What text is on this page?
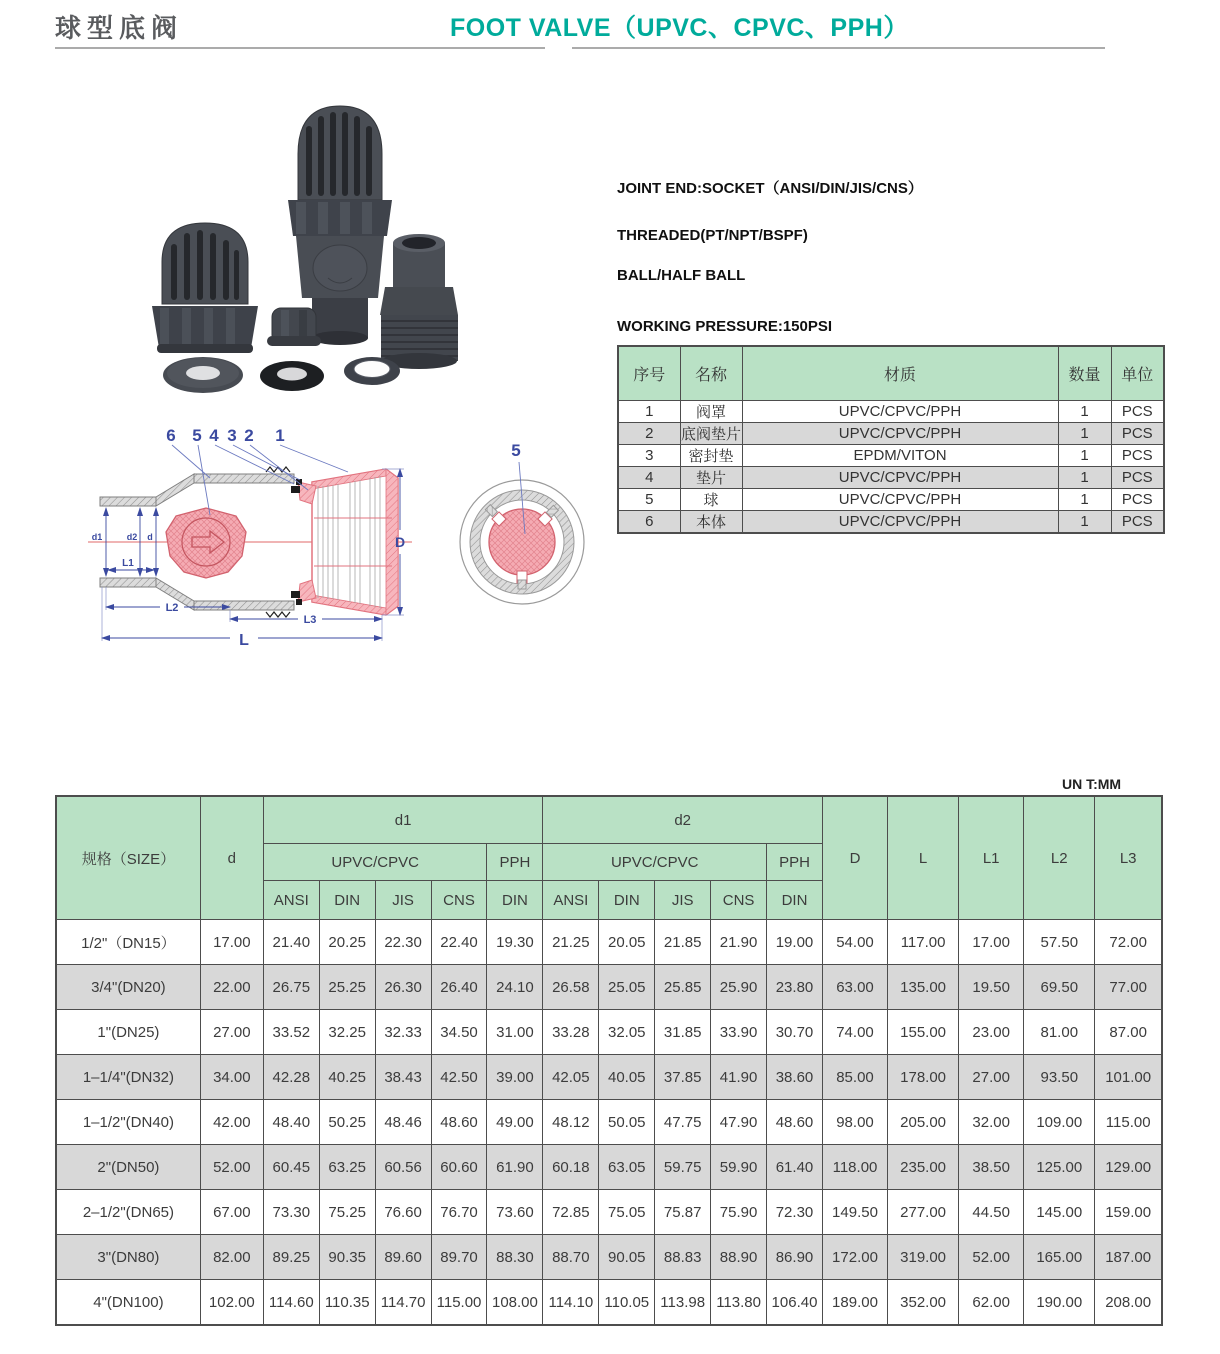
球型底阀	FOOT VALVE（UPVC、CPVC、PPH）
6 5 4 3 2 1
d1	d2 d
L1
L2
L3
L
D
5

JOINT END:SOCKET（ANSI/DIN/JIS/CNS）

THREADED(PT/NPT/BSPF)

BALL/HALF BALL

WORKING PRESSURE:150PSI

序号	名称	材质	数量	单位
1	阀罩	UPVC/CPVC/PPH	1	PCS
2	底阀垫片	UPVC/CPVC/PPH	1	PCS
3	密封垫	EPDM/VITON	1	PCS
4	垫片	UPVC/CPVC/PPH	1	PCS
5	球	UPVC/CPVC/PPH	1	PCS
6	本体	UPVC/CPVC/PPH	1	PCS
UN T:MM
规格（SIZE）	d	d1					d2					D	L	L1	L2	L3
		UPVC/CPVC				PPH	UPVC/CPVC				PPH					
		ANSI	DIN	JIS	CNS	DIN	ANSI	DIN	JIS	CNS	DIN					
1/2"（DN15）	17.00	21.40	20.25	22.30	22.40	19.30	21.25	20.05	21.85	21.90	19.00	54.00	117.00	17.00	57.50	72.00
3/4"(DN20)	22.00	26.75	25.25	26.30	26.40	24.10	26.58	25.05	25.85	25.90	23.80	63.00	135.00	19.50	69.50	77.00
1"(DN25)	27.00	33.52	32.25	32.33	34.50	31.00	33.28	32.05	31.85	33.90	30.70	74.00	155.00	23.00	81.00	87.00
1–1/4"(DN32)	34.00	42.28	40.25	38.43	42.50	39.00	42.05	40.05	37.85	41.90	38.60	85.00	178.00	27.00	93.50	101.00
1–1/2"(DN40)	42.00	48.40	50.25	48.46	48.60	49.00	48.12	50.05	47.75	47.90	48.60	98.00	205.00	32.00	109.00	115.00
2"(DN50)	52.00	60.45	63.25	60.56	60.60	61.90	60.18	63.05	59.75	59.90	61.40	118.00	235.00	38.50	125.00	129.00
2–1/2"(DN65)	67.00	73.30	75.25	76.60	76.70	73.60	72.85	75.05	75.87	75.90	72.30	149.50	277.00	44.50	145.00	159.00
3"(DN80)	82.00	89.25	90.35	89.60	89.70	88.30	88.70	90.05	88.83	88.90	86.90	172.00	319.00	52.00	165.00	187.00
4"(DN100)	102.00	114.60	110.35	114.70	115.00	108.00	114.10	110.05	113.98	113.80	106.40	189.00	352.00	62.00	190.00	208.00
